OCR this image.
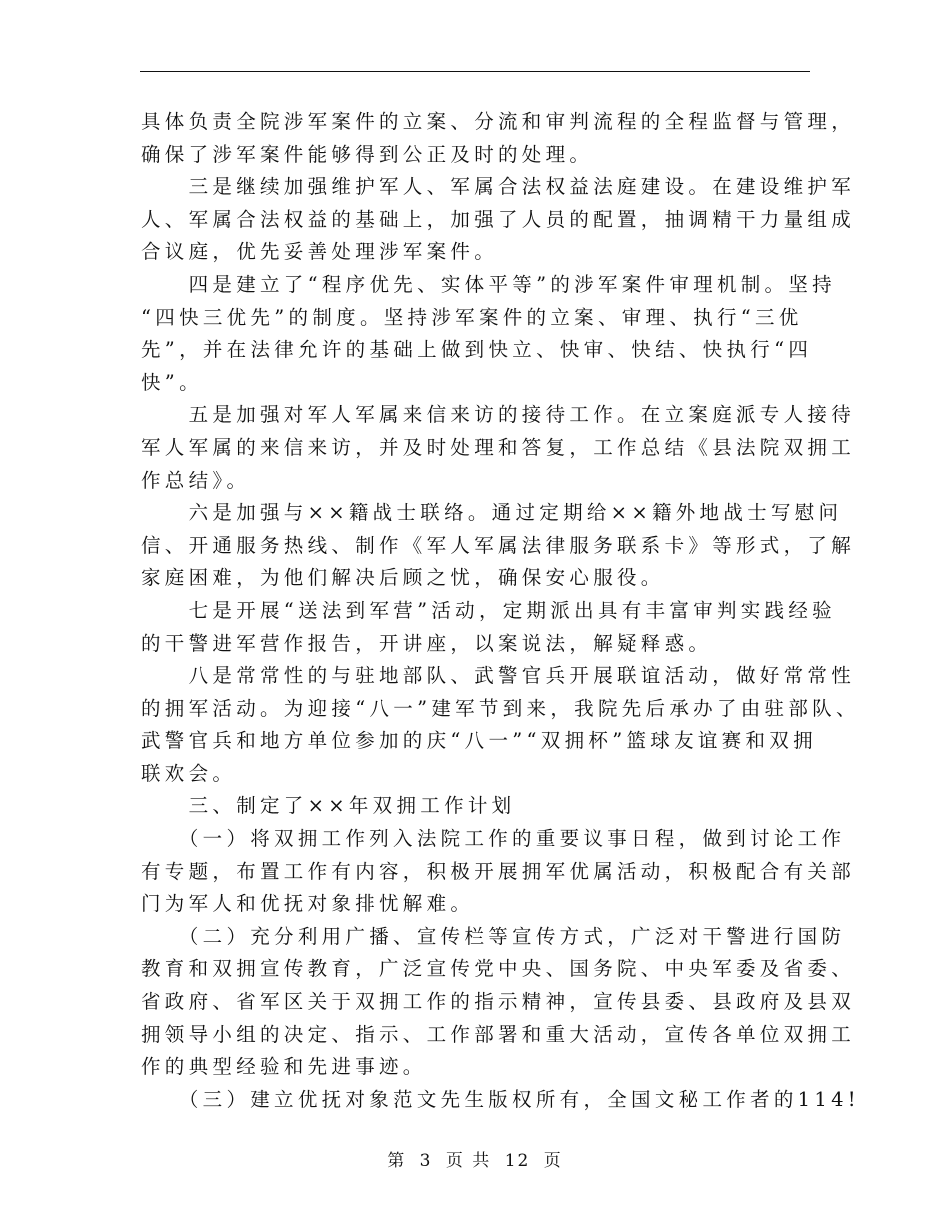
具体负责全院涉军案件的立案、分流和审判流程的全程监督与管理，
确保了涉军案件能够得到公正及时的处理。
　　三是继续加强维护军人、军属合法权益法庭建设。在建设维护军
人、军属合法权益的基础上，加强了人员的配置，抽调精干力量组成
合议庭，优先妥善处理涉军案件。
　　四是建立了“程序优先、实体平等”的涉军案件审理机制。坚持
“四快三优先”的制度。坚持涉军案件的立案、审理、执行“三优
先”，并在法律允许的基础上做到快立、快审、快结、快执行“四
快”。
　　五是加强对军人军属来信来访的接待工作。在立案庭派专人接待
军人军属的来信来访，并及时处理和答复，工作总结《县法院双拥工
作总结》。
　　六是加强与××籍战士联络。通过定期给××籍外地战士写慰问
信、开通服务热线、制作《军人军属法律服务联系卡》等形式，了解
家庭困难，为他们解决后顾之忧，确保安心服役。
　　七是开展“送法到军营”活动，定期派出具有丰富审判实践经验
的干警进军营作报告，开讲座，以案说法，解疑释惑。
　　八是常常性的与驻地部队、武警官兵开展联谊活动，做好常常性
的拥军活动。为迎接“八一”建军节到来，我院先后承办了由驻部队、
武警官兵和地方单位参加的庆“八一”“双拥杯”篮球友谊赛和双拥
联欢会。
　　三、制定了××年双拥工作计划
　　（一）将双拥工作列入法院工作的重要议事日程，做到讨论工作
有专题，布置工作有内容，积极开展拥军优属活动，积极配合有关部
门为军人和优抚对象排忧解难。
　　（二）充分利用广播、宣传栏等宣传方式，广泛对干警进行国防
教育和双拥宣传教育，广泛宣传党中央、国务院、中央军委及省委、
省政府、省军区关于双拥工作的指示精神，宣传县委、县政府及县双
拥领导小组的决定、指示、工作部署和重大活动，宣传各单位双拥工
作的典型经验和先进事迹。
　　（三）建立优抚对象范文先生版权所有，全国文秘工作者的114!
第 3 页 共 12 页
